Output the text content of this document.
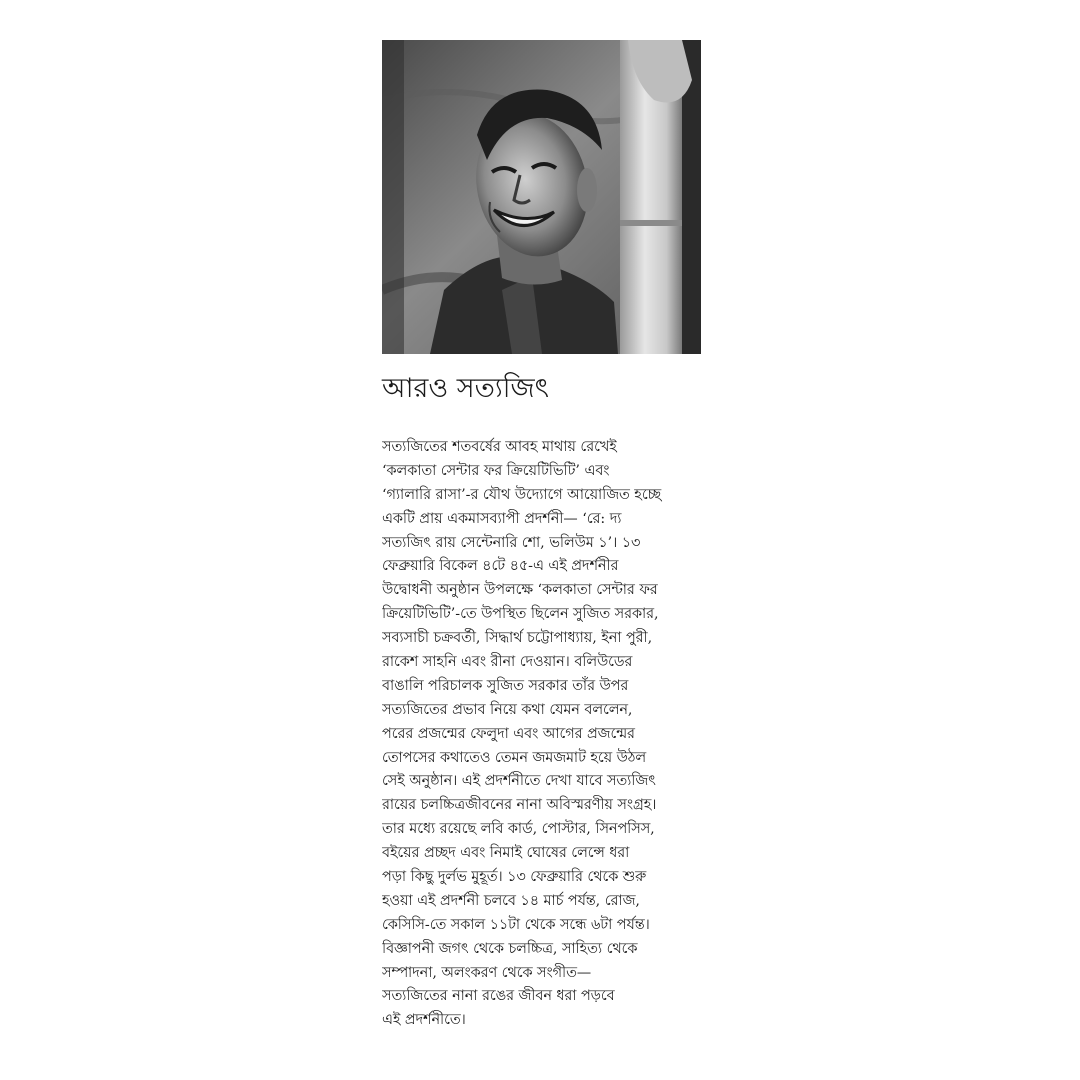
আরও সত্যজিৎ
সত্যজিতের শতবর্ষের আবহ মাথায় রেখেই
‘কলকাতা সেন্টার ফর ক্রিয়েটিভিটি’ এবং
‘গ্যালারি রাসা’-র যৌথ উদ্যোগে আয়োজিত হচ্ছে
একটি প্রায় একমাসব্যাপী প্রদর্শনী— ‘রে: দ্য
সত্যজিৎ রায় সেন্টেনারি শো, ভলিউম ১’। ১৩
ফেব্রুয়ারি বিকেল ৪টে ৪৫-এ এই প্রদর্শনীর
উদ্বোধনী অনুষ্ঠান উপলক্ষে ‘কলকাতা সেন্টার ফর
ক্রিয়েটিভিটি’-তে উপস্থিত ছিলেন সুজিত সরকার,
সব্যসাচী চক্রবর্তী, সিদ্ধার্থ চট্টোপাধ্যায়, ইনা পুরী,
রাকেশ সাহনি এবং রীনা দেওয়ান। বলিউডের
বাঙালি পরিচালক সুজিত সরকার তাঁর উপর
সত্যজিতের প্রভাব নিয়ে কথা যেমন বললেন,
পরের প্রজন্মের ফেলুদা এবং আগের প্রজন্মের
তোপসের কথাতেও তেমন জমজমাট হয়ে উঠল
সেই অনুষ্ঠান। এই প্রদর্শনীতে দেখা যাবে সত্যজিৎ
রায়ের চলচ্চিত্রজীবনের নানা অবিস্মরণীয় সংগ্রহ।
তার মধ্যে রয়েছে লবি কার্ড, পোস্টার, সিনপসিস,
বইয়ের প্রচ্ছদ এবং নিমাই ঘোষের লেন্সে ধরা
পড়া কিছু দুর্লভ মুহূর্ত। ১৩ ফেব্রুয়ারি থেকে শুরু
হওয়া এই প্রদর্শনী চলবে ১৪ মার্চ পর্যন্ত, রোজ,
কেসিসি-তে সকাল ১১টা থেকে সন্ধে ৬টা পর্যন্ত।
বিজ্ঞাপনী জগৎ থেকে চলচ্চিত্র, সাহিত্য থেকে
সম্পাদনা, অলংকরণ থেকে সংগীত—
সত্যজিতের নানা রঙের জীবন ধরা পড়বে
এই প্রদর্শনীতে।
